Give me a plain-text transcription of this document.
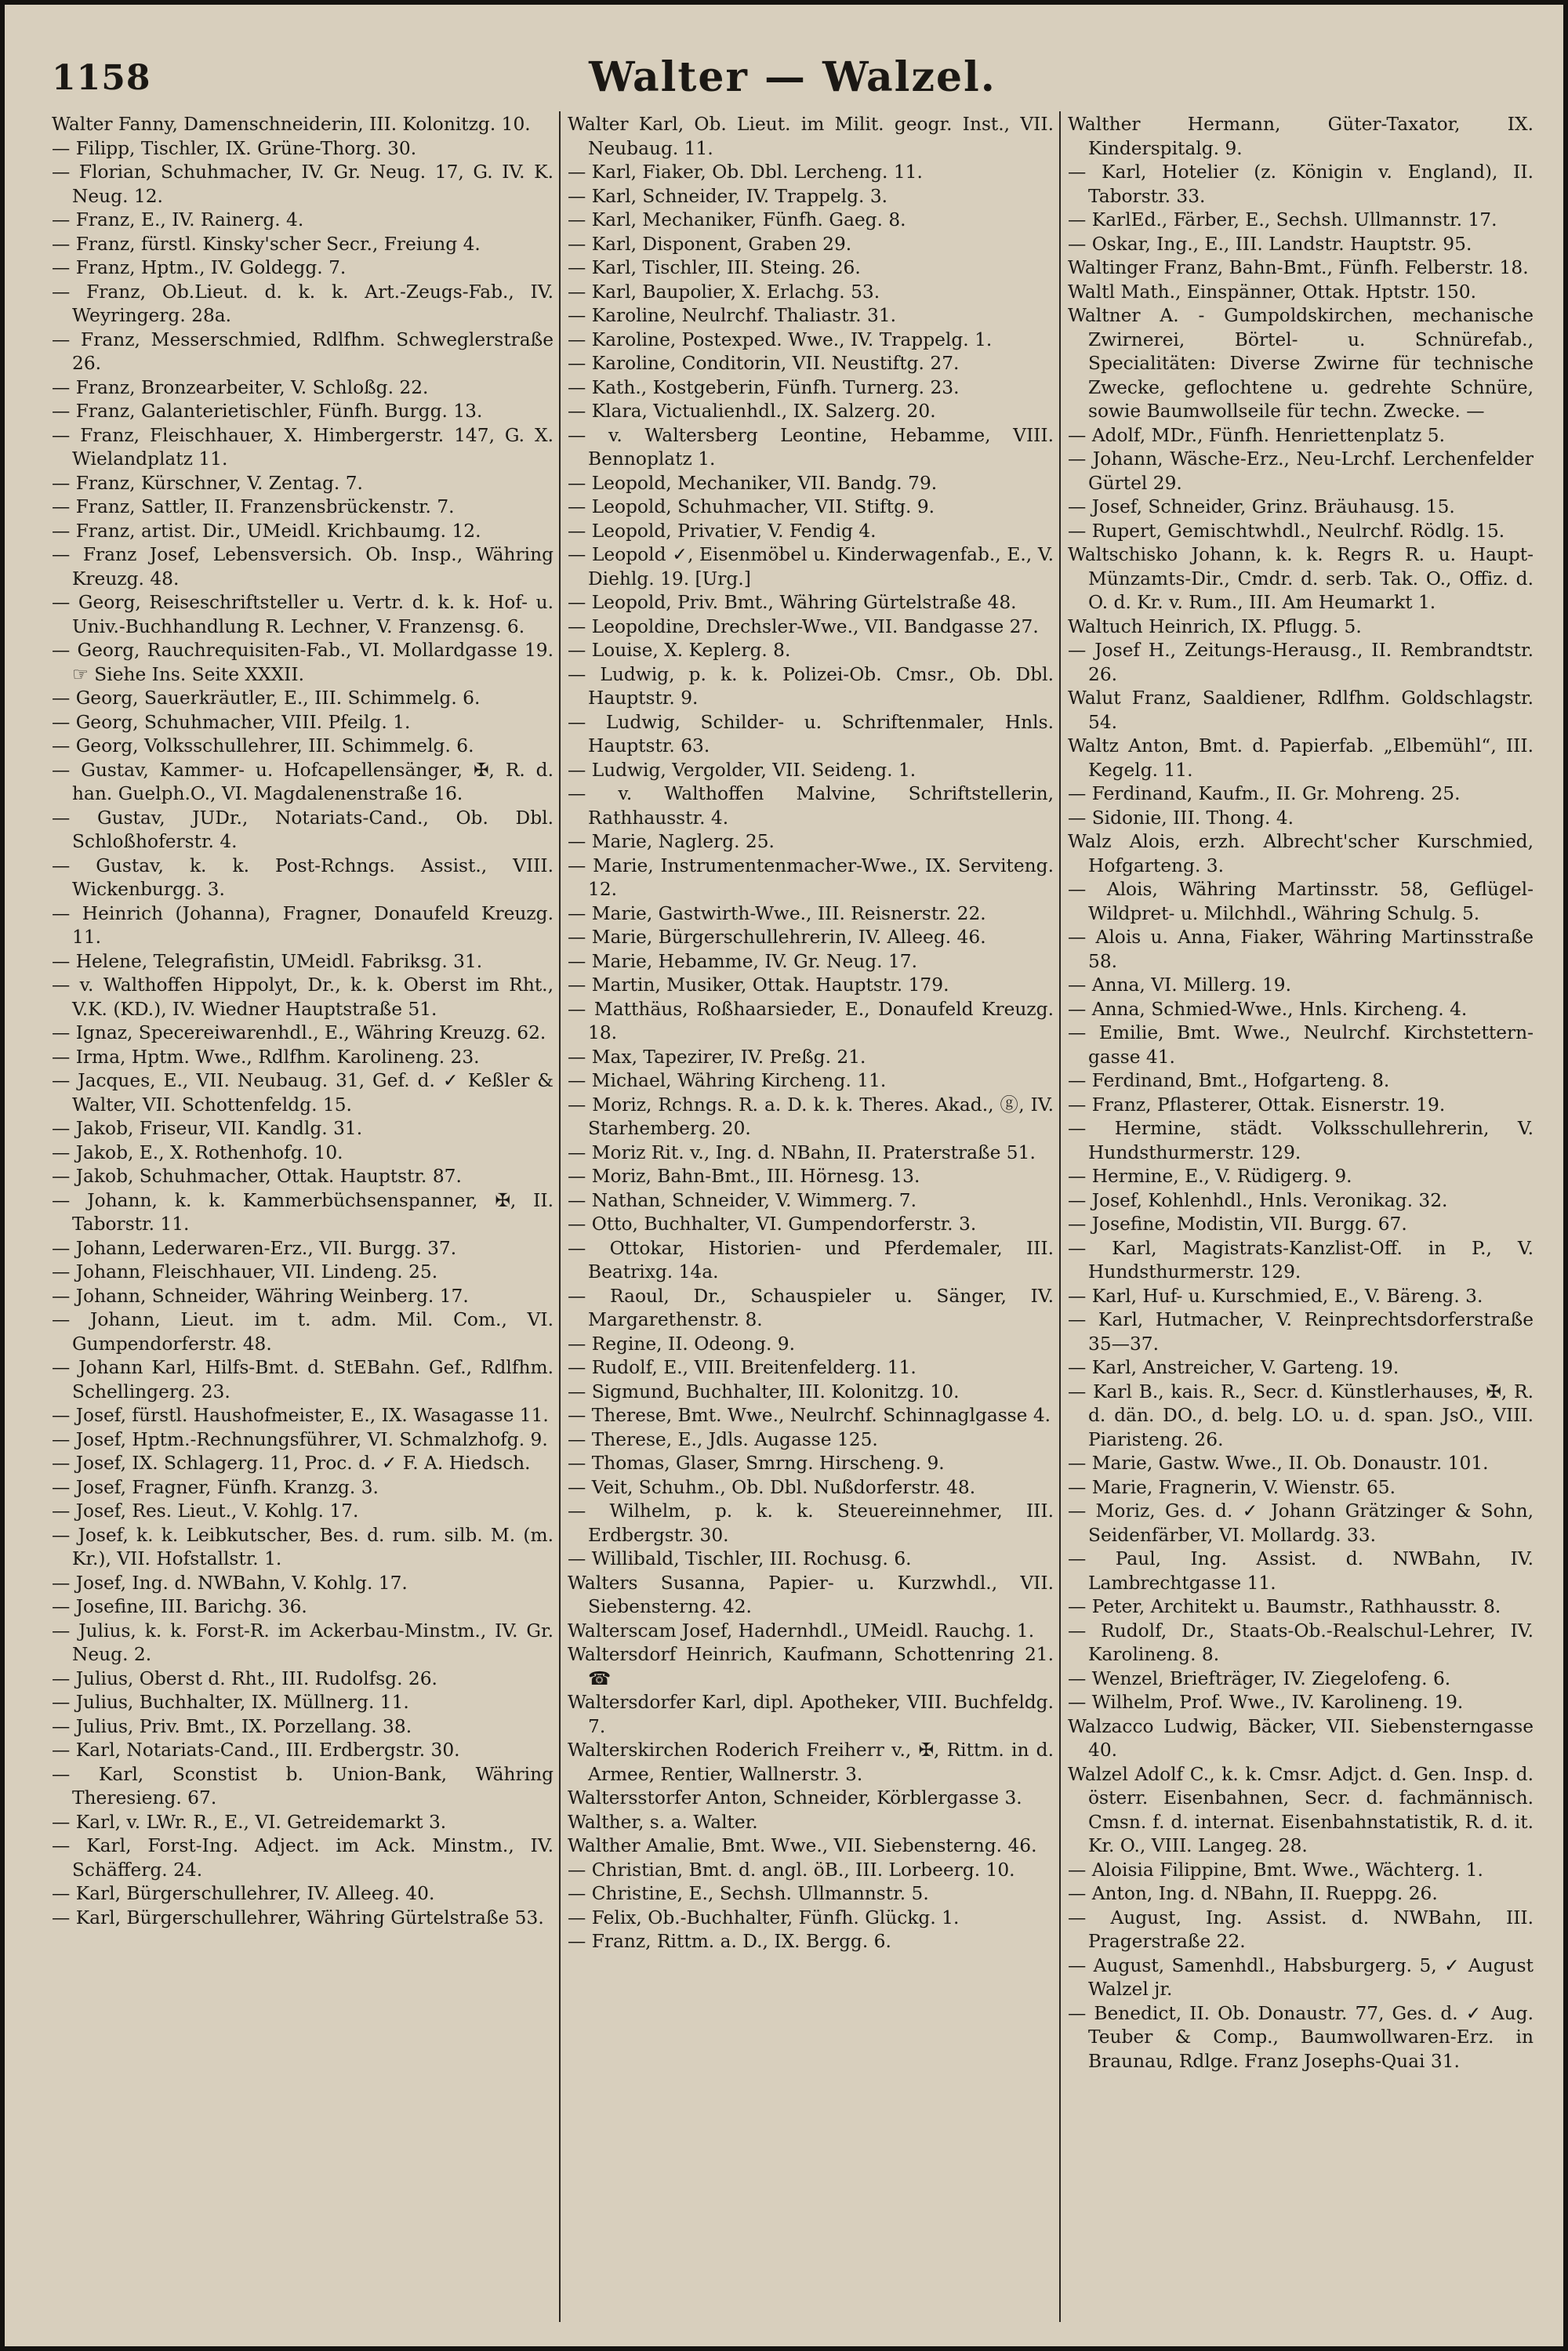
1158	Walter — Walzel.

Walter Fanny, Damenschneiderin, III. Kolonitzg. 10.

— Filipp, Tischler, IX. Grüne-Thorg. 30.

— Florian, Schuhmacher, IV. Gr. Neug. 17, G. IV. K. Neug. 12.

— Franz, E., IV. Rainerg. 4.

— Franz, fürstl. Kinsky'scher Secr., Freiung 4.

— Franz, Hptm., IV. Goldegg. 7.

— Franz, Ob.Lieut. d. k. k. Art.-Zeugs-Fab., IV. Weyringerg. 28a.

— Franz, Messerschmied, Rdlfhm. Schweglerstraße 26.

— Franz, Bronzearbeiter, V. Schloßg. 22.

— Franz, Galanterietischler, Fünfh. Burgg. 13.

— Franz, Fleischhauer, X. Himbergerstr. 147, G. X. Wielandplatz 11.

— Franz, Kürschner, V. Zentag. 7.

— Franz, Sattler, II. Franzensbrückenstr. 7.

— Franz, artist. Dir., UMeidl. Krichbaumg. 12.

— Franz Josef, Lebensversich. Ob. Insp., Währing Kreuzg. 48.

— Georg, Reiseschriftsteller u. Vertr. d. k. k. Hof- u. Univ.-Buchhandlung R. Lechner, V. Franzensg. 6.

— Georg, Rauchrequisiten-Fab., VI. Mollardgasse 19. ☞ Siehe Ins. Seite XXXII.

— Georg, Sauerkräutler, E., III. Schimmelg. 6.

— Georg, Schuhmacher, VIII. Pfeilg. 1.

— Georg, Volksschullehrer, III. Schimmelg. 6.

— Gustav, Kammer- u. Hofcapellensänger, ✠, R. d. han. Guelph.O., VI. Magdalenenstraße 16.

— Gustav, JUDr., Notariats-Cand., Ob. Dbl. Schloßhoferstr. 4.

— Gustav, k. k. Post-Rchngs. Assist., VIII. Wickenburgg. 3.

— Heinrich (Johanna), Fragner, Donaufeld Kreuzg. 11.

— Helene, Telegrafistin, UMeidl. Fabriksg. 31.

— v. Walthoffen Hippolyt, Dr., k. k. Oberst im Rht., V.K. (KD.), IV. Wiedner Hauptstraße 51.

— Ignaz, Specereiwarenhdl., E., Währing Kreuzg. 62.

— Irma, Hptm. Wwe., Rdlfhm. Karolineng. 23.

— Jacques, E., VII. Neubaug. 31, Gef. d. ✓ Keßler & Walter, VII. Schottenfeldg. 15.

— Jakob, Friseur, VII. Kandlg. 31.

— Jakob, E., X. Rothenhofg. 10.

— Jakob, Schuhmacher, Ottak. Hauptstr. 87.

— Johann, k. k. Kammerbüchsenspanner, ✠, II. Taborstr. 11.

— Johann, Lederwaren-Erz., VII. Burgg. 37.

— Johann, Fleischhauer, VII. Lindeng. 25.

— Johann, Schneider, Währing Weinberg. 17.

— Johann, Lieut. im t. adm. Mil. Com., VI. Gumpendorferstr. 48.

— Johann Karl, Hilfs-Bmt. d. StEBahn. Gef., Rdlfhm. Schellingerg. 23.

— Josef, fürstl. Haushofmeister, E., IX. Wasagasse 11.

— Josef, Hptm.-Rechnungsführer, VI. Schmalzhofg. 9.

— Josef, IX. Schlagerg. 11, Proc. d. ✓ F. A. Hiedsch.

— Josef, Fragner, Fünfh. Kranzg. 3.

— Josef, Res. Lieut., V. Kohlg. 17.

— Josef, k. k. Leibkutscher, Bes. d. rum. silb. M. (m. Kr.), VII. Hofstallstr. 1.

— Josef, Ing. d. NWBahn, V. Kohlg. 17.

— Josefine, III. Barichg. 36.

— Julius, k. k. Forst-R. im Ackerbau-Minstm., IV. Gr. Neug. 2.

— Julius, Oberst d. Rht., III. Rudolfsg. 26.

— Julius, Buchhalter, IX. Müllnerg. 11.

— Julius, Priv. Bmt., IX. Porzellang. 38.

— Karl, Notariats-Cand., III. Erdbergstr. 30.

— Karl, Sconstist b. Union-Bank, Währing Theresieng. 67.

— Karl, v. LWr. R., E., VI. Getreidemarkt 3.

— Karl, Forst-Ing. Adject. im Ack. Minstm., IV. Schäfferg. 24.

— Karl, Bürgerschullehrer, IV. Alleeg. 40.

— Karl, Bürgerschullehrer, Währing Gürtelstraße 53.

Walter Karl, Ob. Lieut. im Milit. geogr. Inst., VII. Neubaug. 11.

— Karl, Fiaker, Ob. Dbl. Lercheng. 11.

— Karl, Schneider, IV. Trappelg. 3.

— Karl, Mechaniker, Fünfh. Gaeg. 8.

— Karl, Disponent, Graben 29.

— Karl, Tischler, III. Steing. 26.

— Karl, Baupolier, X. Erlachg. 53.

— Karoline, Neulrchf. Thaliastr. 31.

— Karoline, Postexped. Wwe., IV. Trappelg. 1.

— Karoline, Conditorin, VII. Neustiftg. 27.

— Kath., Kostgeberin, Fünfh. Turnerg. 23.

— Klara, Victualienhdl., IX. Salzerg. 20.

— v. Waltersberg Leontine, Hebamme, VIII. Bennoplatz 1.

— Leopold, Mechaniker, VII. Bandg. 79.

— Leopold, Schuhmacher, VII. Stiftg. 9.

— Leopold, Privatier, V. Fendig 4.

— Leopold ✓, Eisenmöbel u. Kinderwagenfab., E., V. Diehlg. 19. [Urg.]

— Leopold, Priv. Bmt., Währing Gürtelstraße 48.

— Leopoldine, Drechsler-Wwe., VII. Bandgasse 27.

— Louise, X. Keplerg. 8.

— Ludwig, p. k. k. Polizei-Ob. Cmsr., Ob. Dbl. Hauptstr. 9.

— Ludwig, Schilder- u. Schriftenmaler, Hnls. Hauptstr. 63.

— Ludwig, Vergolder, VII. Seideng. 1.

— v. Walthoffen Malvine, Schriftstellerin, Rathhausstr. 4.

— Marie, Naglerg. 25.

— Marie, Instrumentenmacher-Wwe., IX. Serviteng. 12.

— Marie, Gastwirth-Wwe., III. Reisnerstr. 22.

— Marie, Bürgerschullehrerin, IV. Alleeg. 46.

— Marie, Hebamme, IV. Gr. Neug. 17.

— Martin, Musiker, Ottak. Hauptstr. 179.

— Matthäus, Roßhaarsieder, E., Donaufeld Kreuzg. 18.

— Max, Tapezirer, IV. Preßg. 21.

— Michael, Währing Kircheng. 11.

— Moriz, Rchngs. R. a. D. k. k. Theres. Akad., ⓖ, IV. Starhemberg. 20.

— Moriz Rit. v., Ing. d. NBahn, II. Praterstraße 51.

— Moriz, Bahn-Bmt., III. Hörnesg. 13.

— Nathan, Schneider, V. Wimmerg. 7.

— Otto, Buchhalter, VI. Gumpendorferstr. 3.

— Ottokar, Historien- und Pferdemaler, III. Beatrixg. 14a.

— Raoul, Dr., Schauspieler u. Sänger, IV. Margarethenstr. 8.

— Regine, II. Odeong. 9.

— Rudolf, E., VIII. Breitenfelderg. 11.

— Sigmund, Buchhalter, III. Kolonitzg. 10.

— Therese, Bmt. Wwe., Neulrchf. Schinnaglgasse 4.

— Therese, E., Jdls. Augasse 125.

— Thomas, Glaser, Smrng. Hirscheng. 9.

— Veit, Schuhm., Ob. Dbl. Nußdorferstr. 48.

— Wilhelm, p. k. k. Steuereinnehmer, III. Erdbergstr. 30.

— Willibald, Tischler, III. Rochusg. 6.

Walters Susanna, Papier- u. Kurzwhdl., VII. Siebensterng. 42.

Walterscam Josef, Hadernhdl., UMeidl. Rauchg. 1.

Waltersdorf Heinrich, Kaufmann, Schottenring 21. ☎

Waltersdorfer Karl, dipl. Apotheker, VIII. Buchfeldg. 7.

Walterskirchen Roderich Freiherr v., ✠, Rittm. in d. Armee, Rentier, Wallnerstr. 3.

Waltersstorfer Anton, Schneider, Körblergasse 3.

Walther, s. a. Walter.

Walther Amalie, Bmt. Wwe., VII. Siebensterng. 46.

— Christian, Bmt. d. angl. öB., III. Lorbeerg. 10.

— Christine, E., Sechsh. Ullmannstr. 5.

— Felix, Ob.-Buchhalter, Fünfh. Glückg. 1.

— Franz, Rittm. a. D., IX. Bergg. 6.

Walther Hermann, Güter-Taxator, IX. Kinderspitalg. 9.

— Karl, Hotelier (z. Königin v. England), II. Taborstr. 33.

— KarlEd., Färber, E., Sechsh. Ullmannstr. 17.

— Oskar, Ing., E., III. Landstr. Hauptstr. 95.

Waltinger Franz, Bahn-Bmt., Fünfh. Felberstr. 18.

Waltl Math., Einspänner, Ottak. Hptstr. 150.

Waltner A. - Gumpoldskirchen, mechanische Zwirnerei, Börtel- u. Schnürefab., Specialitäten: Diverse Zwirne für technische Zwecke, geflochtene u. gedrehte Schnüre, sowie Baumwollseile für techn. Zwecke. —

— Adolf, MDr., Fünfh. Henriettenplatz 5.

— Johann, Wäsche-Erz., Neu-Lrchf. Lerchenfelder Gürtel 29.

— Josef, Schneider, Grinz. Bräuhausg. 15.

— Rupert, Gemischtwhdl., Neulrchf. Rödlg. 15.

Waltschisko Johann, k. k. Regrs R. u. Haupt-Münzamts-Dir., Cmdr. d. serb. Tak. O., Offiz. d. O. d. Kr. v. Rum., III. Am Heumarkt 1.

Waltuch Heinrich, IX. Pflugg. 5.

— Josef H., Zeitungs-Herausg., II. Rembrandtstr. 26.

Walut Franz, Saaldiener, Rdlfhm. Goldschlagstr. 54.

Waltz Anton, Bmt. d. Papierfab. „Elbemühl“, III. Kegelg. 11.

— Ferdinand, Kaufm., II. Gr. Mohreng. 25.

— Sidonie, III. Thong. 4.

Walz Alois, erzh. Albrecht'scher Kurschmied, Hofgarteng. 3.

— Alois, Währing Martinsstr. 58, Geflügel-Wildpret- u. Milchhdl., Währing Schulg. 5.

— Alois u. Anna, Fiaker, Währing Martinsstraße 58.

— Anna, VI. Millerg. 19.

— Anna, Schmied-Wwe., Hnls. Kircheng. 4.

— Emilie, Bmt. Wwe., Neulrchf. Kirchstettern-gasse 41.

— Ferdinand, Bmt., Hofgarteng. 8.

— Franz, Pflasterer, Ottak. Eisnerstr. 19.

— Hermine, städt. Volksschullehrerin, V. Hundsthurmerstr. 129.

— Hermine, E., V. Rüdigerg. 9.

— Josef, Kohlenhdl., Hnls. Veronikag. 32.

— Josefine, Modistin, VII. Burgg. 67.

— Karl, Magistrats-Kanzlist-Off. in P., V. Hundsthurmerstr. 129.

— Karl, Huf- u. Kurschmied, E., V. Bäreng. 3.

— Karl, Hutmacher, V. Reinprechtsdorferstraße 35—37.

— Karl, Anstreicher, V. Garteng. 19.

— Karl B., kais. R., Secr. d. Künstlerhauses, ✠, R. d. dän. DO., d. belg. LO. u. d. span. JsO., VIII. Piaristeng. 26.

— Marie, Gastw. Wwe., II. Ob. Donaustr. 101.

— Marie, Fragnerin, V. Wienstr. 65.

— Moriz, Ges. d. ✓ Johann Grätzinger & Sohn, Seidenfärber, VI. Mollardg. 33.

— Paul, Ing. Assist. d. NWBahn, IV. Lambrechtgasse 11.

— Peter, Architekt u. Baumstr., Rathhausstr. 8.

— Rudolf, Dr., Staats-Ob.-Realschul-Lehrer, IV. Karolineng. 8.

— Wenzel, Briefträger, IV. Ziegelofeng. 6.

— Wilhelm, Prof. Wwe., IV. Karolineng. 19.

Walzacco Ludwig, Bäcker, VII. Siebensterngasse 40.

Walzel Adolf C., k. k. Cmsr. Adjct. d. Gen. Insp. d. österr. Eisenbahnen, Secr. d. fachmännisch. Cmsn. f. d. internat. Eisenbahnstatistik, R. d. it. Kr. O., VIII. Langeg. 28.

— Aloisia Filippine, Bmt. Wwe., Wächterg. 1.

— Anton, Ing. d. NBahn, II. Rueppg. 26.

— August, Ing. Assist. d. NWBahn, III. Pragerstraße 22.

— August, Samenhdl., Habsburgerg. 5, ✓ August Walzel jr.

— Benedict, II. Ob. Donaustr. 77, Ges. d. ✓ Aug. Teuber & Comp., Baumwollwaren-Erz. in Braunau, Rdlge. Franz Josephs-Quai 31.
